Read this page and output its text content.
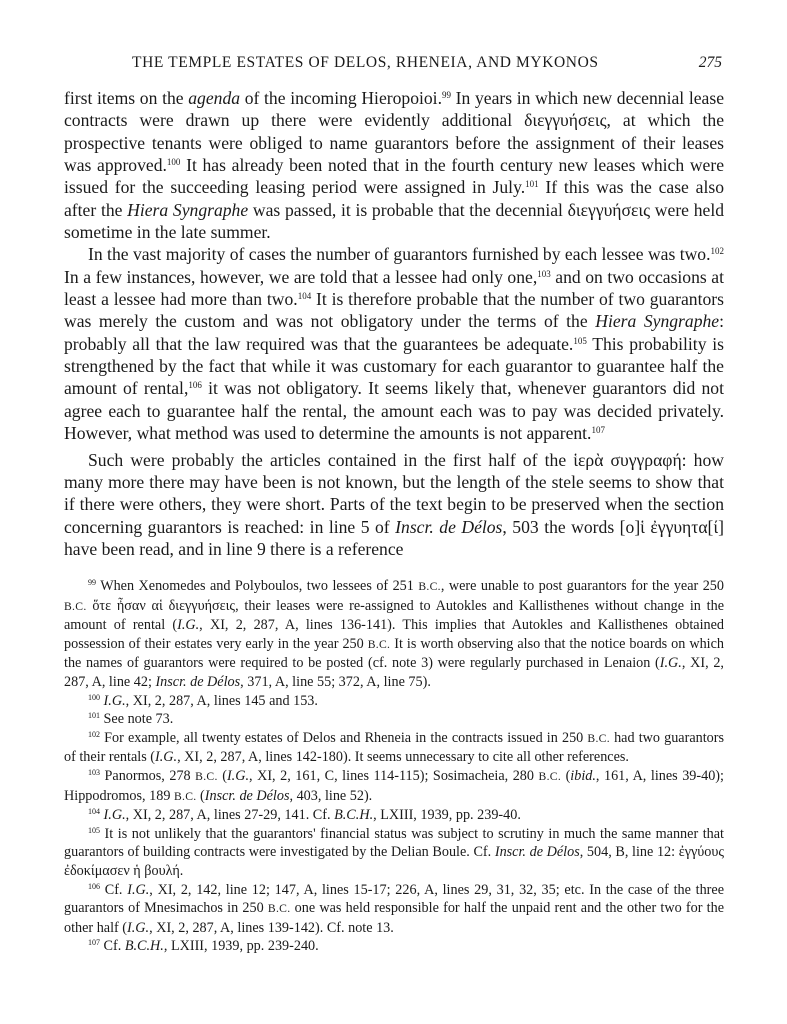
THE TEMPLE ESTATES OF DELOS, RHENEIA, AND MYKONOS	275

first items on the agenda of the incoming Hieropoioi.$^{99}$ In years in which new decennial lease contracts were drawn up there were evidently additional διεγγυήσεις, at which the prospective tenants were obliged to name guarantors before the assignment of their leases was approved.$^{100}$ It has already been noted that in the fourth century new leases which were issued for the succeeding leasing period were assigned in July.$^{101}$ If this was the case also after the Hiera Syngraphe was passed, it is probable that the decennial διεγγυήσεις were held sometime in the late summer.

In the vast majority of cases the number of guarantors furnished by each lessee was two.$^{102}$ In a few instances, however, we are told that a lessee had only one,$^{103}$ and on two occasions at least a lessee had more than two.$^{104}$ It is therefore probable that the number of two guarantors was merely the custom and was not obligatory under the terms of the Hiera Syngraphe: probably all that the law required was that the guarantees be adequate.$^{105}$ This probability is strengthened by the fact that while it was customary for each guarantor to guarantee half the amount of rental,$^{106}$ it was not obligatory. It seems likely that, whenever guarantors did not agree each to guarantee half the rental, the amount each was to pay was decided privately. However, what method was used to determine the amounts is not apparent.$^{107}$

Such were probably the articles contained in the first half of the ἱερὰ συγγραφή: how many more there may have been is not known, but the length of the stele seems to show that if there were others, they were short. Parts of the text begin to be preserved when the section concerning guarantors is reached: in line 5 of Inscr. de Délos, 503 the words [ο]ἱ ἐγγυητα[ί] have been read, and in line 9 there is a reference

$^{99}$ When Xenomedes and Polyboulos, two lessees of 251 B.C., were unable to post guarantors for the year 250 B.C. ὅτε ἦσαν αἱ διεγγυήσεις, their leases were re-assigned to Autokles and Kallisthenes without change in the amount of rental (I.G., XI, 2, 287, A, lines 136-141). This implies that Autokles and Kallisthenes obtained possession of their estates very early in the year 250 B.C. It is worth observing also that the notice boards on which the names of guarantors were required to be posted (cf. note 3) were regularly purchased in Lenaion (I.G., XI, 2, 287, A, line 42; Inscr. de Délos, 371, A, line 55; 372, A, line 75).

$^{100}$ I.G., XI, 2, 287, A, lines 145 and 153.

$^{101}$ See note 73.

$^{102}$ For example, all twenty estates of Delos and Rheneia in the contracts issued in 250 B.C. had two guarantors of their rentals (I.G., XI, 2, 287, A, lines 142-180). It seems unnecessary to cite all other references.

$^{103}$ Panormos, 278 B.C. (I.G., XI, 2, 161, C, lines 114-115); Sosimacheia, 280 B.C. (ibid., 161, A, lines 39-40); Hippodromos, 189 B.C. (Inscr. de Délos, 403, line 52).

$^{104}$ I.G., XI, 2, 287, A, lines 27-29, 141. Cf. B.C.H., LXIII, 1939, pp. 239-40.

$^{105}$ It is not unlikely that the guarantors' financial status was subject to scrutiny in much the same manner that guarantors of building contracts were investigated by the Delian Boule. Cf. Inscr. de Délos, 504, B, line 12: ἐγγύους ἐδοκίμασεν ἡ βουλή.

$^{106}$ Cf. I.G., XI, 2, 142, line 12; 147, A, lines 15-17; 226, A, lines 29, 31, 32, 35; etc. In the case of the three guarantors of Mnesimachos in 250 B.C. one was held responsible for half the unpaid rent and the other two for the other half (I.G., XI, 2, 287, A, lines 139-142). Cf. note 13.

$^{107}$ Cf. B.C.H., LXIII, 1939, pp. 239-240.
